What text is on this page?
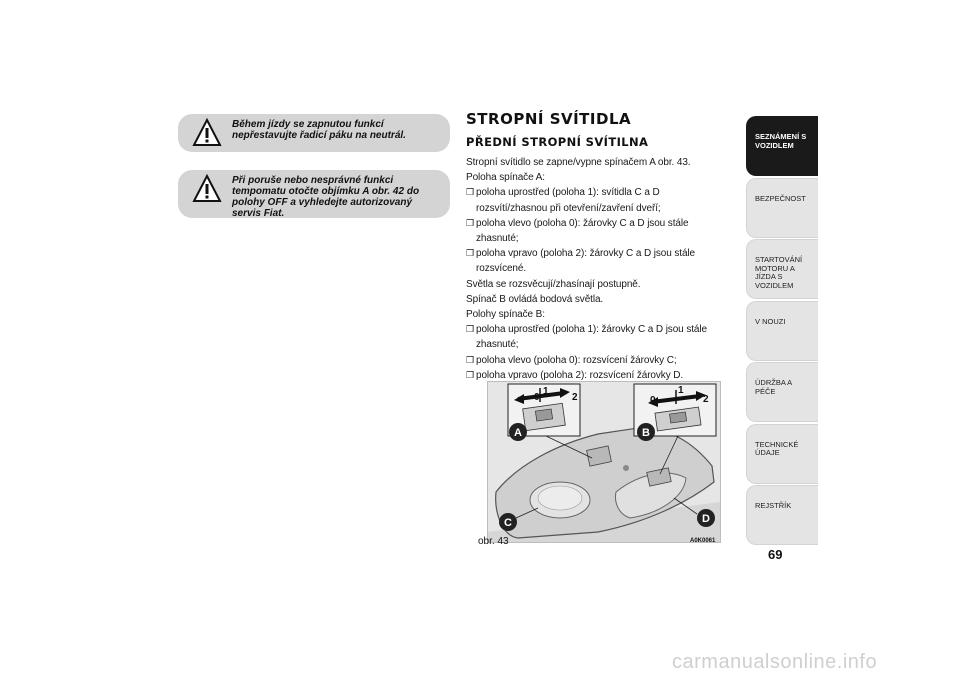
Během jízdy se zapnutou funkcí nepřestavujte řadicí páku na neutrál.
Při poruše nebo nesprávné funkci tempomatu otočte objímku A obr. 42 do polohy OFF a vyhledejte autorizovaný servis Fiat.
STROPNÍ SVÍTIDLA
PŘEDNÍ STROPNÍ SVÍTILNA

Stropní svítidlo se zapne/vypne spínačem A obr. 43.

Poloha spínače A:

❒ poloha uprostřed (poloha 1): svítidla C a D rozsvítí/zhasnou při otevření/zavření dveří;
❒ poloha vlevo (poloha 0): žárovky C a D jsou stále zhasnuté;
❒ poloha vpravo (poloha 2): žárovky C a D jsou stále rozsvícené.

Světla se rozsvěcují/zhasínají postupně.

Spínač B ovládá bodová světla.

Polohy spínače B:

❒ poloha uprostřed (poloha 1): žárovky C a D jsou stále zhasnuté;
❒ poloha vlevo (poloha 0): rozsvícení žárovky C;
❒ poloha vpravo (poloha 2): rozsvícení žárovky D.
0
1
2	0
1
2
A	B
C	D
obr. 43	A0K0061
SEZNÁMENÍ S VOZIDLEM
BEZPEČNOST
STARTOVÁNÍ MOTORU A JÍZDA S VOZIDLEM
V NOUZI
ÚDRŽBA A PÉČE
TECHNICKÉ ÚDAJE
REJSTŘÍK
69
carmanualsonline.info
